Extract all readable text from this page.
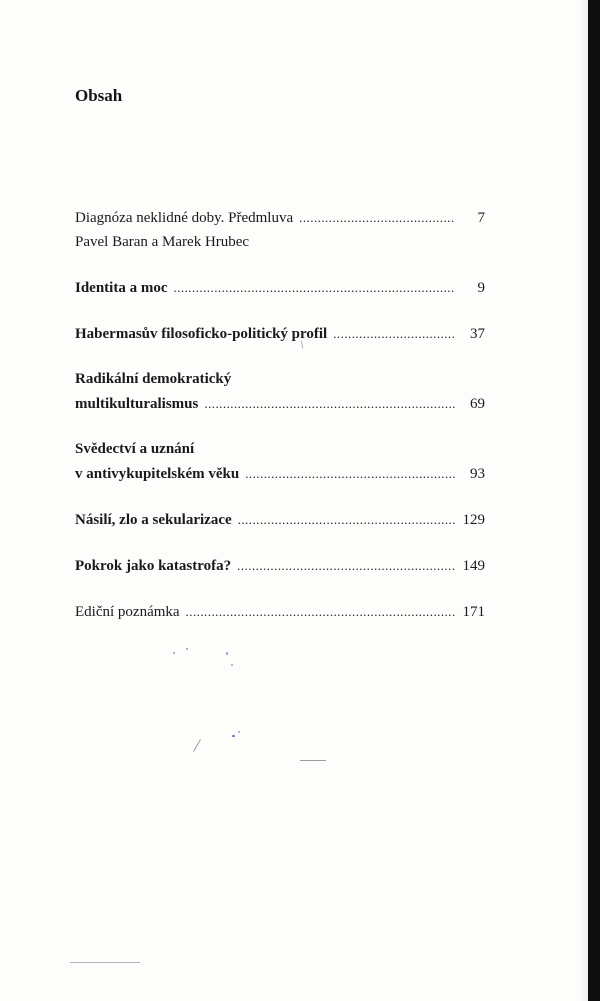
Obsah
Diagnóza neklidné doby. Předmluva . . .	7
Pavel Baran a Marek Hrubec
Identita a moc . . .	9
Habermasův filosoficko-politický profil . . .	37
Radikální demokratický
multikulturalismus . . .	69
Svědectví a uznání
v antivykupitelském věku . . .	93
Násilí, zlo a sekularizace . . .	129
Pokrok jako katastrofa? . . .	149
Ediční poznámka . . .	171
